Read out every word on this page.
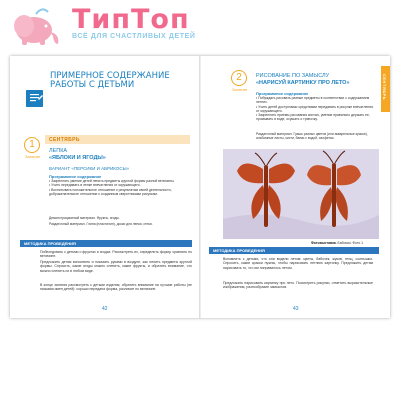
ТипТоп
ВСЁ ДЛЯ СЧАСТЛИВЫХ ДЕТЕЙ
ПРИМЕРНОЕ СОДЕРЖАНИЕ РАБОТЫ С ДЕТЬМИ
1
Занятие
СЕНТЯБРЬ
ЛЕПКА
«ЯБЛОКИ И ЯГОДЫ»
ВАРИАНТ «ПЕРСИКИ И АБРИКОСЫ»
Программное содержание
• Закреплять умение детей лепить предметы круглой формы разной величины.
• Учить передавать в лепке впечатления от окружающего.
• Воспитывать положительное отношение к результатам своей деятельности, доброжелательное отношение к созданным сверстниками рисункам.
Демонстрационный материал. Фрукты, ягоды.
Раздаточный материал. Глина (пластилин), доски для лепки, стеки.
МЕТОДИКА ПРОВЕДЕНИЯ
Побеседовать с детьми о фруктах и ягодах. Рассмотреть их, определить форму, сравнить по величине.
Предложить детям вспомнить и показать руками в воздухе, как лепить предметы круглой формы. Спросить, какие ягоды можно слепить, какие фрукты, и обратить внимание, что можно слепить их в любом виде.
В конце занятия рассмотреть с детьми изделия, обратить внимание на лучшие работы (не называя имен детей): хорошо передана форма, различие по величине.
42
СЕНТЯБРЬ
2
Занятие
РИСОВАНИЕ ПО ЗАМЫСЛУ
«НАРИСУЙ КАРТИНКУ ПРО ЛЕТО»
Программное содержание
• Побуждать рисовать разные предметы в соответствии с содержанием летних.
• Учить детей доступными средствами передавать в рисунке впечатления от окружающего.
• Закреплять приемы рисования кистью, умение правильно держать ее, промывать в воде, осушать о тряпочку.
Раздаточный материал. Гуашь разных цветов (или акварельные краски), альбомные листы, кисти, банки с водой, салфетки.
Фотовыставка. Бабочки. Фото 1
МЕТОДИКА ПРОВЕДЕНИЯ
Вспомнить с детьми, что они видели летом: цветы, бабочек, жуков, птиц, солнышко. Спросить, какие краски нужны, чтобы нарисовать летнюю картинку. Предложить детям нарисовать то, что им понравилось летом.
Предложить нарисовать картинку про лето. Посмотреть рисунки, отметить выразительные изображения, разнообразие замыслов.
43
